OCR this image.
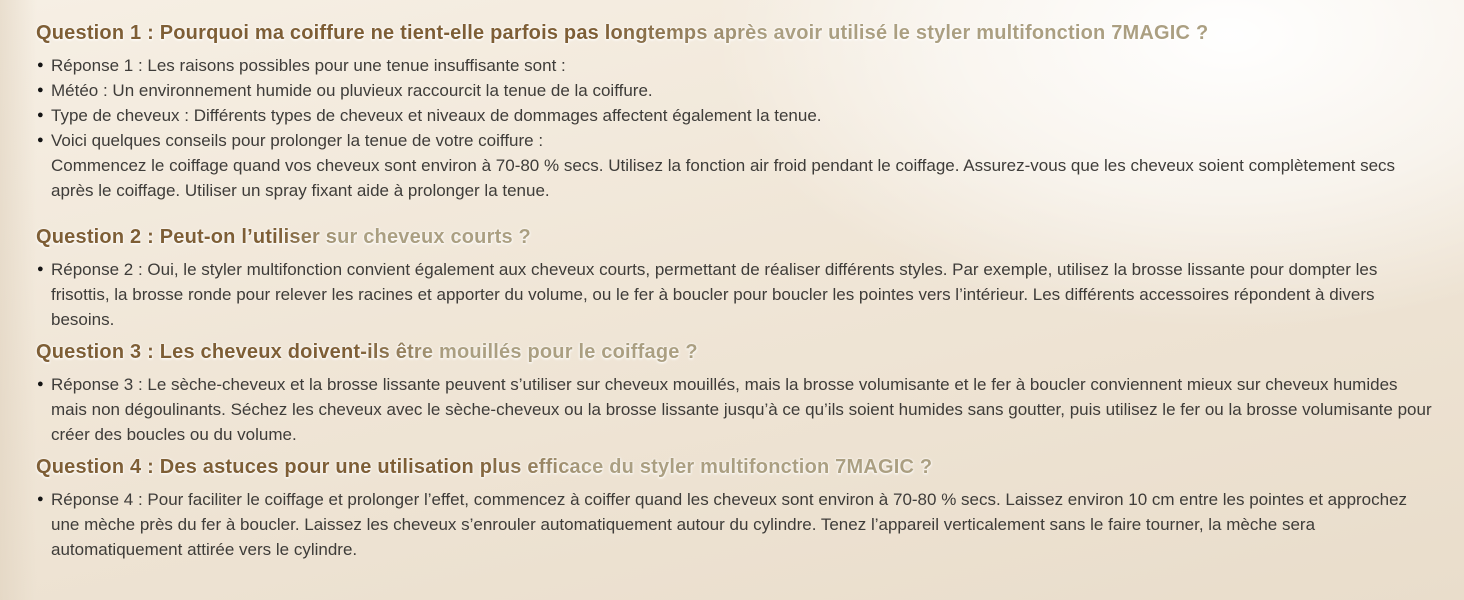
Question 1 : Pourquoi ma coiffure ne tient-elle parfois pas longtemps après avoir utilisé le styler multifonction 7MAGIC ?
● Réponse 1 : Les raisons possibles pour une tenue insuffisante sont :
● Météo : Un environnement humide ou pluvieux raccourcit la tenue de la coiffure.
● Type de cheveux : Différents types de cheveux et niveaux de dommages affectent également la tenue.
● Voici quelques conseils pour prolonger la tenue de votre coiffure :
Commencez le coiffage quand vos cheveux sont environ à 70-80 % secs. Utilisez la fonction air froid pendant le coiffage. Assurez-vous que les cheveux soient complètement secs après le coiffage. Utiliser un spray fixant aide à prolonger la tenue.
Question 2 : Peut-on l’utiliser sur cheveux courts ?
● Réponse 2 : Oui, le styler multifonction convient également aux cheveux courts, permettant de réaliser différents styles. Par exemple, utilisez la brosse lissante pour dompter les frisottis, la brosse ronde pour relever les racines et apporter du volume, ou le fer à boucler pour boucler les pointes vers l’intérieur. Les différents accessoires répondent à divers besoins.
Question 3 : Les cheveux doivent-ils être mouillés pour le coiffage ?
● Réponse 3 : Le sèche-cheveux et la brosse lissante peuvent s’utiliser sur cheveux mouillés, mais la brosse volumisante et le fer à boucler conviennent mieux sur cheveux humides mais non dégoulinants. Séchez les cheveux avec le sèche-cheveux ou la brosse lissante jusqu’à ce qu’ils soient humides sans goutter, puis utilisez le fer ou la brosse volumisante pour créer des boucles ou du volume.
Question 4 : Des astuces pour une utilisation plus efficace du styler multifonction 7MAGIC ?
● Réponse 4 : Pour faciliter le coiffage et prolonger l’effet, commencez à coiffer quand les cheveux sont environ à 70-80 % secs. Laissez environ 10 cm entre les pointes et approchez une mèche près du fer à boucler. Laissez les cheveux s’enrouler automatiquement autour du cylindre. Tenez l’appareil verticalement sans le faire tourner, la mèche sera automatiquement attirée vers le cylindre.
